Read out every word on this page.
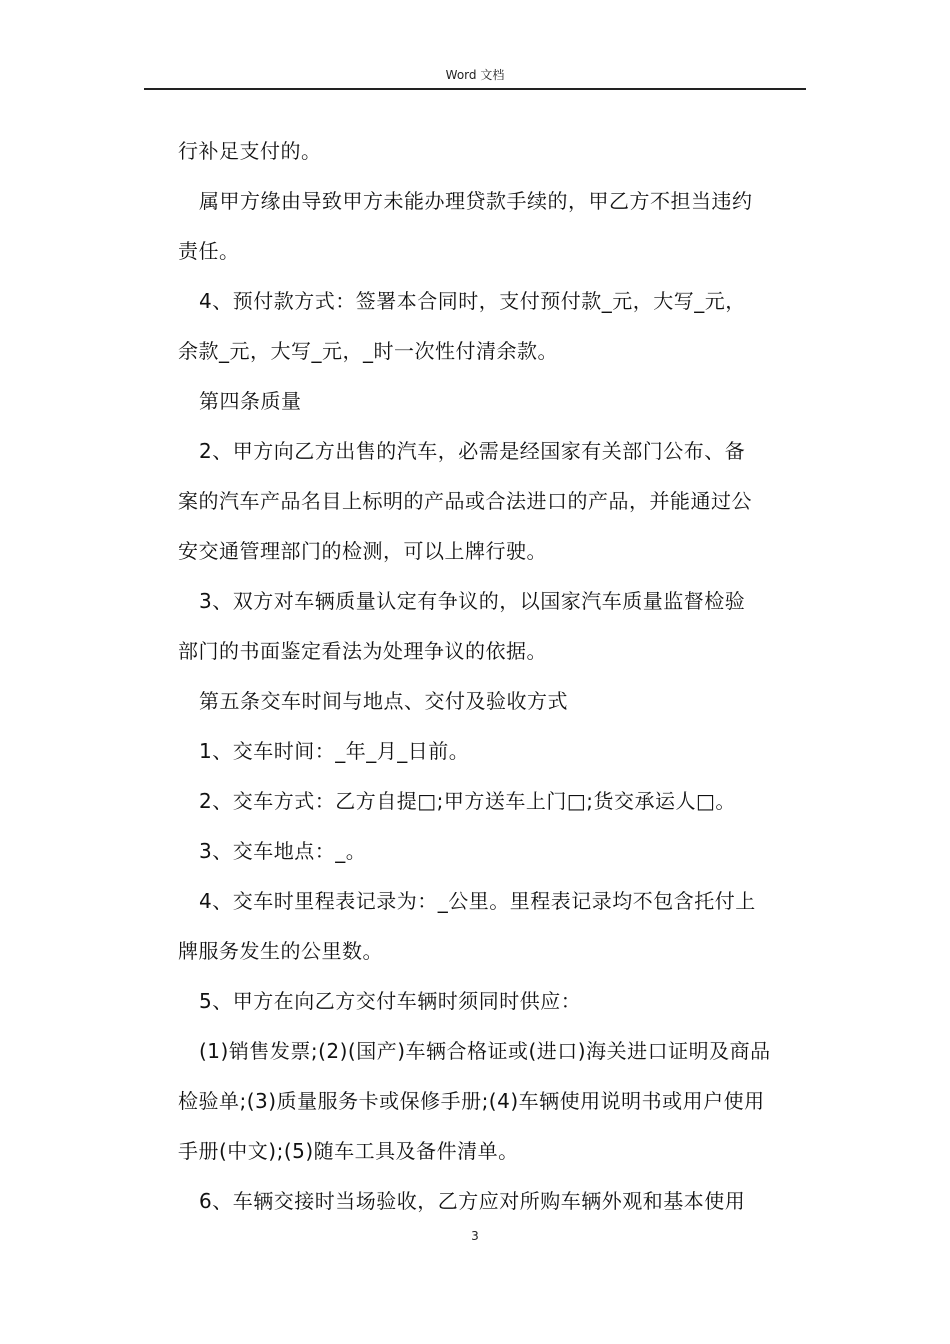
Word 文档

行补足支付的。

属甲方缘由导致甲方未能办理贷款手续的，甲乙方不担当违约

责任。

4、预付款方式：签署本合同时，支付预付款_元，大写_元，

余款_元，大写_元，_时一次性付清余款。

第四条质量

2、甲方向乙方出售的汽车，必需是经国家有关部门公布、备

案的汽车产品名目上标明的产品或合法进口的产品，并能通过公

安交通管理部门的检测，可以上牌行驶。

3、双方对车辆质量认定有争议的，以国家汽车质量监督检验

部门的书面鉴定看法为处理争议的依据。

第五条交车时间与地点、交付及验收方式

1、交车时间：_年_月_日前。

2、交车方式：乙方自提□;甲方送车上门□;货交承运人□。

3、交车地点：_。

4、交车时里程表记录为：_公里。里程表记录均不包含托付上

牌服务发生的公里数。

5、甲方在向乙方交付车辆时须同时供应：

(1)销售发票;(2)(国产)车辆合格证或(进口)海关进口证明及商品

检验单;(3)质量服务卡或保修手册;(4)车辆使用说明书或用户使用

手册(中文);(5)随车工具及备件清单。

6、车辆交接时当场验收，乙方应对所购车辆外观和基本使用

3
